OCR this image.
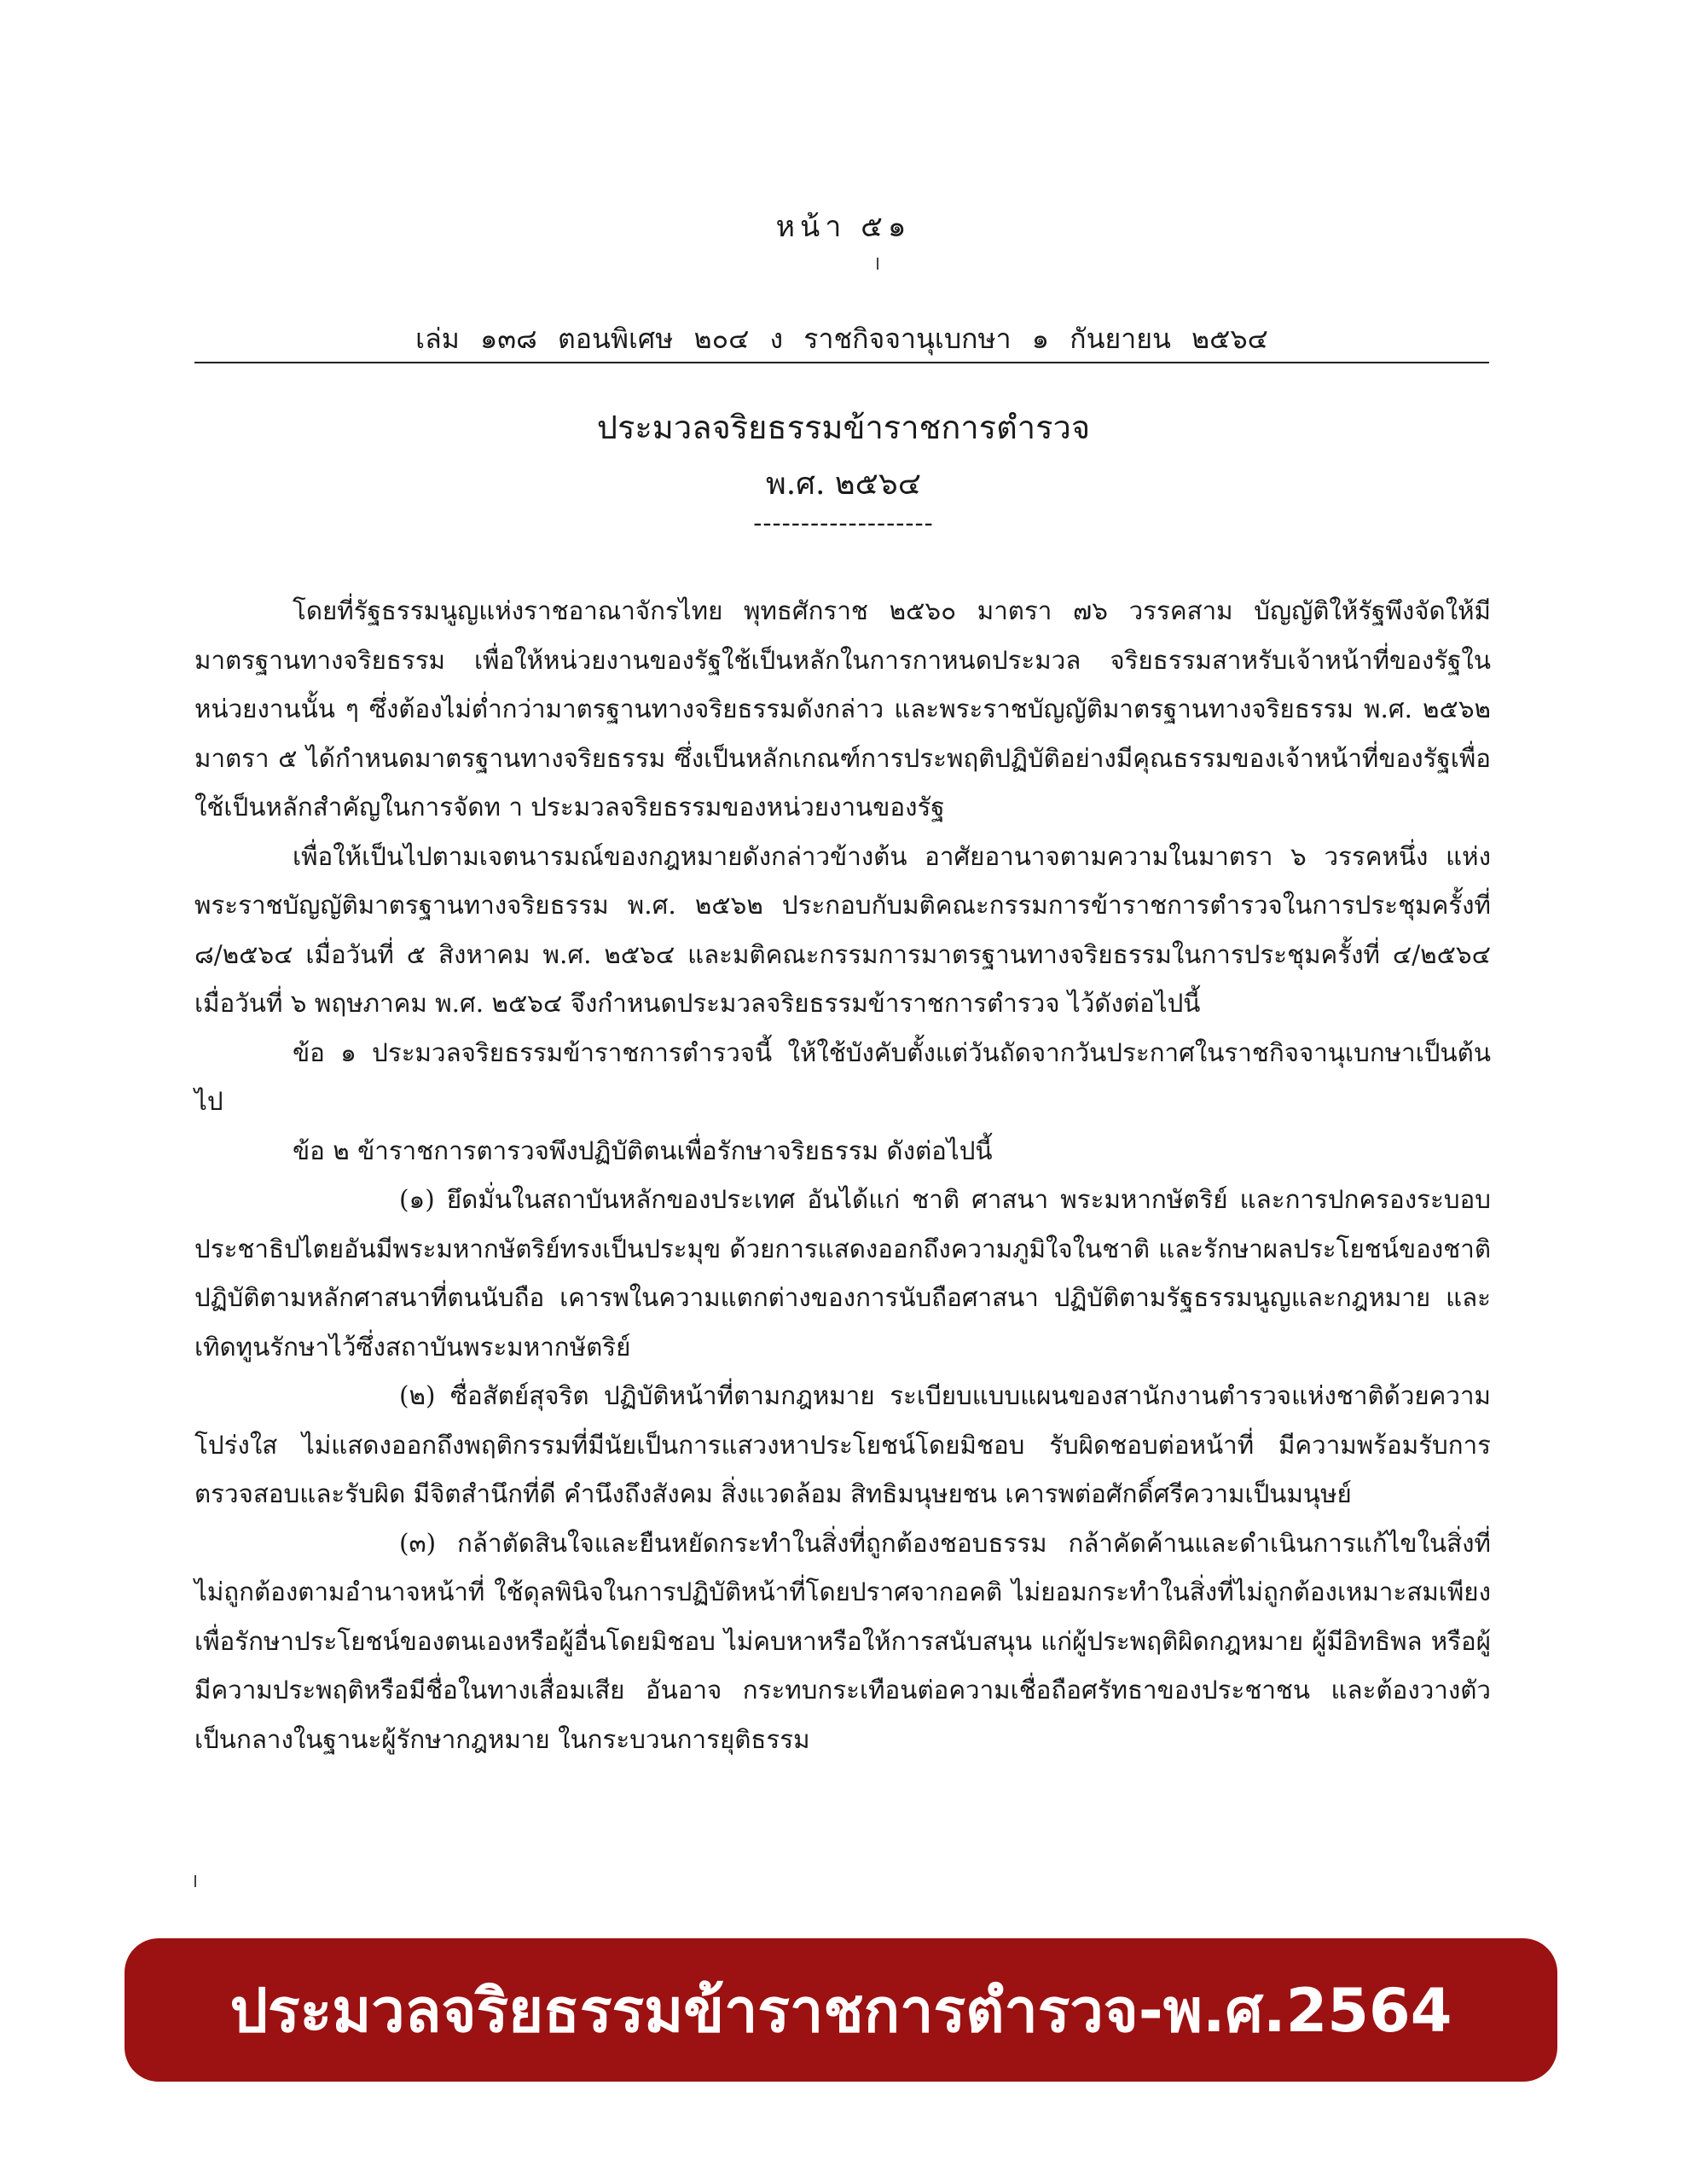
หน้า ๕๑
เล่ม ๑๓๘ ตอนพิเศษ ๒๐๔ ง ราชกิจจานุเบกษา ๑ กันยายน ๒๕๖๔
ประมวลจริยธรรมข้าราชการตำรวจ
พ.ศ. ๒๕๖๔
-------------------

โดยที่รัฐธรรมนูญแห่งราชอาณาจักรไทย พุทธศักราช ๒๕๖๐ มาตรา ๗๖ วรรคสาม บัญญัติให้รัฐพึงจัดให้มีมาตรฐานทางจริยธรรม เพื่อให้หน่วยงานของรัฐใช้เป็นหลักในการกาหนดประมวล จริยธรรมสาหรับเจ้าหน้าที่ของรัฐในหน่วยงานนั้น ๆ ซึ่งต้องไม่ต่ำกว่ามาตรฐานทางจริยธรรมดังกล่าว และพระราชบัญญัติมาตรฐานทางจริยธรรม พ.ศ. ๒๕๖๒ มาตรา ๕ ได้กำหนดมาตรฐานทางจริยธรรม ซึ่งเป็นหลักเกณฑ์การประพฤติปฏิบัติอย่างมีคุณธรรมของเจ้าหน้าที่ของรัฐเพื่อใช้เป็นหลักสำคัญในการจัดท า ประมวลจริยธรรมของหน่วยงานของรัฐ

เพื่อให้เป็นไปตามเจตนารมณ์ของกฎหมายดังกล่าวข้างต้น อาศัยอานาจตามความในมาตรา ๖ วรรคหนึ่ง แห่งพระราชบัญญัติมาตรฐานทางจริยธรรม พ.ศ. ๒๕๖๒ ประกอบกับมติคณะกรรมการข้าราชการตำรวจในการประชุมครั้งที่ ๘/๒๕๖๔ เมื่อวันที่ ๕ สิงหาคม พ.ศ. ๒๕๖๔ และมติคณะกรรมการมาตรฐานทางจริยธรรมในการประชุมครั้งที่ ๔/๒๕๖๔ เมื่อวันที่ ๖ พฤษภาคม พ.ศ. ๒๕๖๔ จึงกำหนดประมวลจริยธรรมข้าราชการตำรวจ ไว้ดังต่อไปนี้

ข้อ ๑ ประมวลจริยธรรมข้าราชการตำรวจนี้ ให้ใช้บังคับตั้งแต่วันถัดจากวันประกาศในราชกิจจานุเบกษาเป็นต้นไป

ข้อ ๒ ข้าราชการตารวจพึงปฏิบัติตนเพื่อรักษาจริยธรรม ดังต่อไปนี้

(๑) ยึดมั่นในสถาบันหลักของประเทศ อันได้แก่ ชาติ ศาสนา พระมหากษัตริย์ และการปกครองระบอบประชาธิปไตยอันมีพระมหากษัตริย์ทรงเป็นประมุข ด้วยการแสดงออกถึงความภูมิใจในชาติ และรักษาผลประโยชน์ของชาติ ปฏิบัติตามหลักศาสนาที่ตนนับถือ เคารพในความแตกต่างของการนับถือศาสนา ปฏิบัติตามรัฐธรรมนูญและกฎหมาย และเทิดทูนรักษาไว้ซึ่งสถาบันพระมหากษัตริย์

(๒) ซื่อสัตย์สุจริต ปฏิบัติหน้าที่ตามกฎหมาย ระเบียบแบบแผนของสานักงานตำรวจแห่งชาติด้วยความโปร่งใส ไม่แสดงออกถึงพฤติกรรมที่มีนัยเป็นการแสวงหาประโยชน์โดยมิชอบ รับผิดชอบต่อหน้าที่ มีความพร้อมรับการตรวจสอบและรับผิด มีจิตสำนึกที่ดี คำนึงถึงสังคม สิ่งแวดล้อม สิทธิมนุษยชน เคารพต่อศักดิ์ศรีความเป็นมนุษย์

(๓) กล้าตัดสินใจและยืนหยัดกระทำในสิ่งที่ถูกต้องชอบธรรม กล้าคัดค้านและดำเนินการแก้ไขในสิ่งที่ไม่ถูกต้องตามอำนาจหน้าที่ ใช้ดุลพินิจในการปฏิบัติหน้าที่โดยปราศจากอคติ ไม่ยอมกระทำในสิ่งที่ไม่ถูกต้องเหมาะสมเพียงเพื่อรักษาประโยชน์ของตนเองหรือผู้อื่นโดยมิชอบ ไม่คบหาหรือให้การสนับสนุน แก่ผู้ประพฤติผิดกฎหมาย ผู้มีอิทธิพล หรือผู้มีความประพฤติหรือมีชื่อในทางเสื่อมเสีย อันอาจ กระทบกระเทือนต่อความเชื่อถือศรัทธาของประชาชน และต้องวางตัวเป็นกลางในฐานะผู้รักษากฎหมาย ในกระบวนการยุติธรรม

ประมวลจริยธรรมข้าราชการตำรวจ-พ.ศ.2564
